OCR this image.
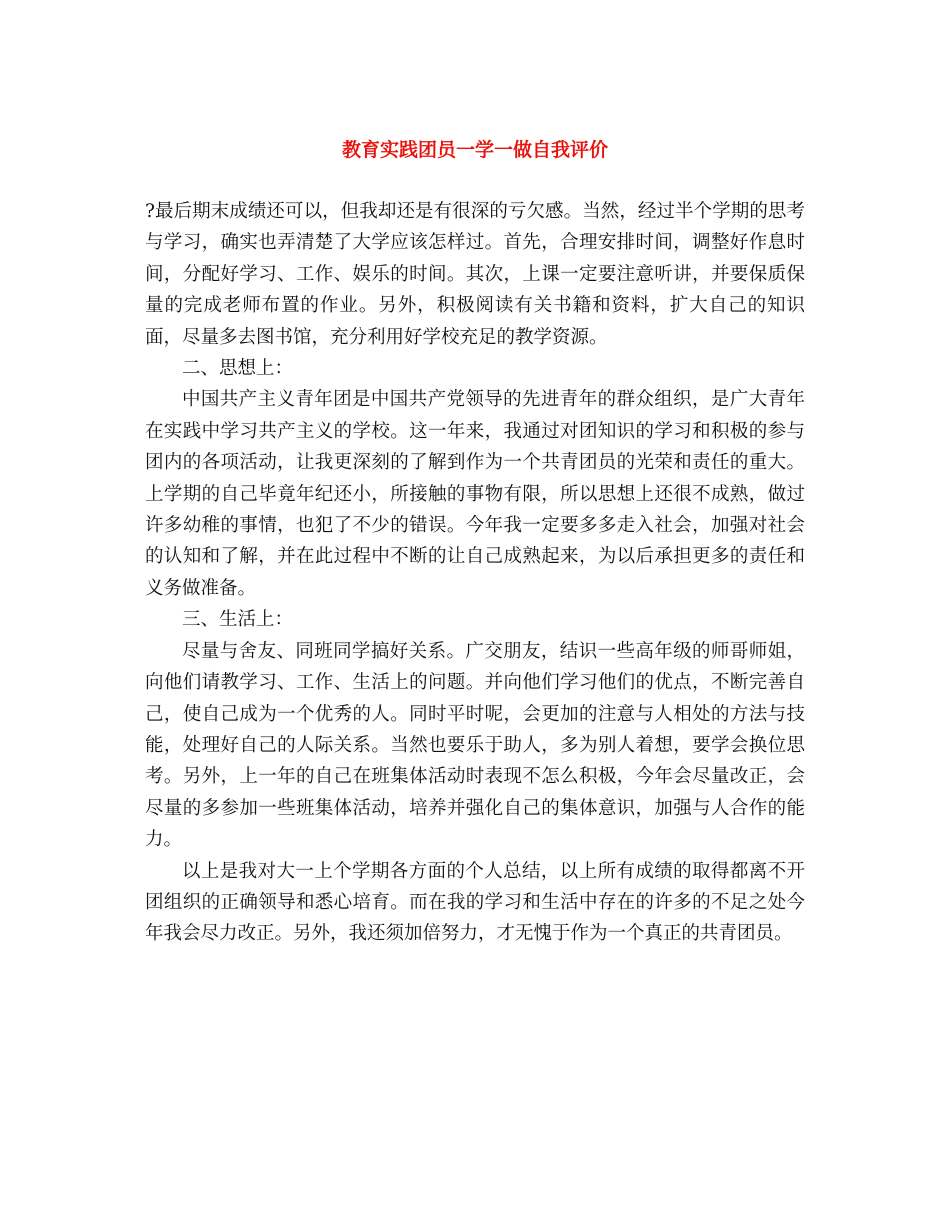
教育实践团员一学一做自我评价

?最后期末成绩还可以，但我却还是有很深的亏欠感。当然，经过半个学期的思考与学习，确实也弄清楚了大学应该怎样过。首先，合理安排时间，调整好作息时间，分配好学习、工作、娱乐的时间。其次，上课一定要注意听讲，并要保质保量的完成老师布置的作业。另外，积极阅读有关书籍和资料，扩大自己的知识面，尽量多去图书馆，充分利用好学校充足的教学资源。

二、思想上：

中国共产主义青年团是中国共产党领导的先进青年的群众组织，是广大青年在实践中学习共产主义的学校。这一年来，我通过对团知识的学习和积极的参与团内的各项活动，让我更深刻的了解到作为一个共青团员的光荣和责任的重大。上学期的自己毕竟年纪还小，所接触的事物有限，所以思想上还很不成熟，做过许多幼稚的事情，也犯了不少的错误。今年我一定要多多走入社会，加强对社会的认知和了解，并在此过程中不断的让自己成熟起来，为以后承担更多的责任和义务做准备。

三、生活上：

尽量与舍友、同班同学搞好关系。广交朋友，结识一些高年级的师哥师姐，向他们请教学习、工作、生活上的问题。并向他们学习他们的优点，不断完善自己，使自己成为一个优秀的人。同时平时呢，会更加的注意与人相处的方法与技能，处理好自己的人际关系。当然也要乐于助人，多为别人着想，要学会换位思考。另外，上一年的自己在班集体活动时表现不怎么积极，今年会尽量改正，会尽量的多参加一些班集体活动，培养并强化自己的集体意识，加强与人合作的能力。

以上是我对大一上个学期各方面的个人总结，以上所有成绩的取得都离不开团组织的正确领导和悉心培育。而在我的学习和生活中存在的许多的不足之处今年我会尽力改正。另外，我还须加倍努力，才无愧于作为一个真正的共青团员。
